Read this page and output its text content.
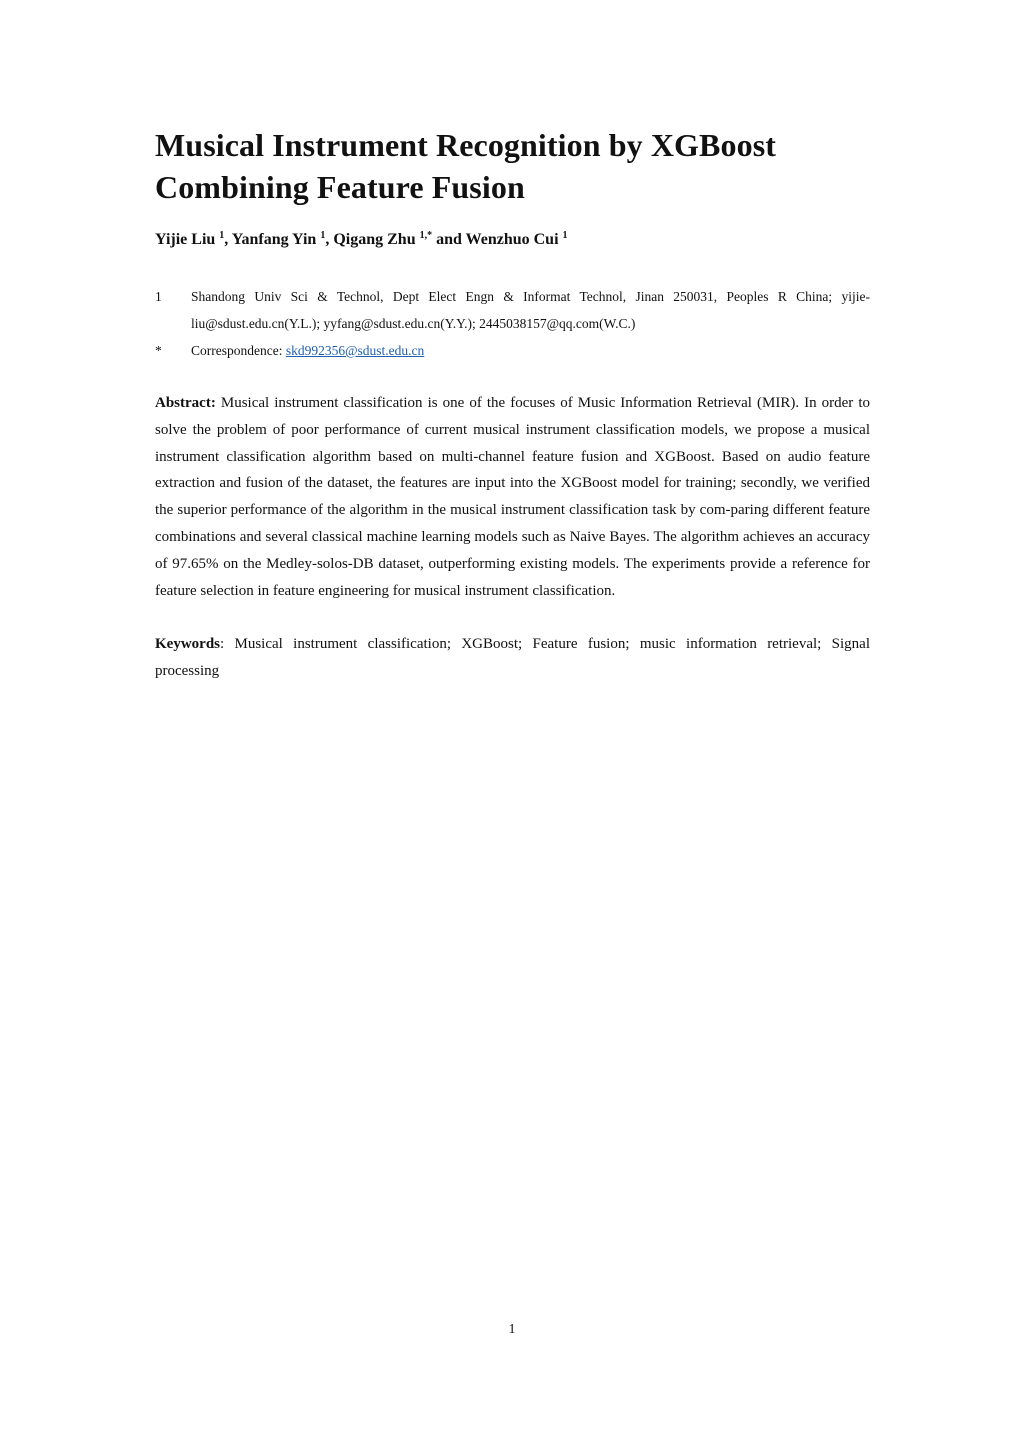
Musical Instrument Recognition by XGBoost Combining Feature Fusion
Yijie Liu $^1$, Yanfang Yin $^1$, Qigang Zhu $^{1,*}$ and Wenzhuo Cui $^1$
1 Shandong Univ Sci & Technol, Dept Elect Engn & Informat Technol, Jinan 250031, Peoples R China; yijie-liu@sdust.edu.cn(Y.L.); yyfang@sdust.edu.cn(Y.Y.); 2445038157@qq.com(W.C.)
* Correspondence: skd992356@sdust.edu.cn

Abstract: Musical instrument classification is one of the focuses of Music Information Retrieval (MIR). In order to solve the problem of poor performance of current musical instrument classification models, we propose a musical instrument classification algorithm based on multi-channel feature fusion and XGBoost. Based on audio feature extraction and fusion of the dataset, the features are input into the XGBoost model for training; secondly, we verified the superior performance of the algorithm in the musical instrument classification task by com-paring different feature combinations and several classical machine learning models such as Naive Bayes. The algorithm achieves an accuracy of 97.65% on the Medley-solos-DB dataset, outperforming existing models. The experiments provide a reference for feature selection in feature engineering for musical instrument classification.

Keywords: Musical instrument classification; XGBoost; Feature fusion; music information retrieval; Signal processing

1
